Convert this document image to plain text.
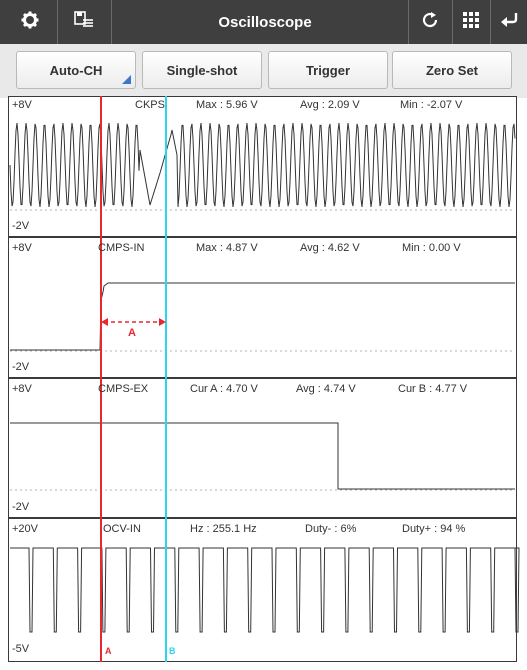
Oscilloscope
Auto-CH	Single-shot	Trigger	Zero Set
+8V
-2V
CKPS	Max : 5.96 V	Avg : 2.09 V	Min : -2.07 V
+8V
-2V
CMPS-IN	Max : 4.87 V	Avg : 4.62 V	Min : 0.00 V
A
+8V
-2V
CMPS-EX	Cur A : 4.70 V	Avg : 4.74 V	Cur B : 4.77 V
+20V
-5V
OCV-IN	Hz : 255.1 Hz	Duty- : 6%	Duty+ : 94 %
A	B
